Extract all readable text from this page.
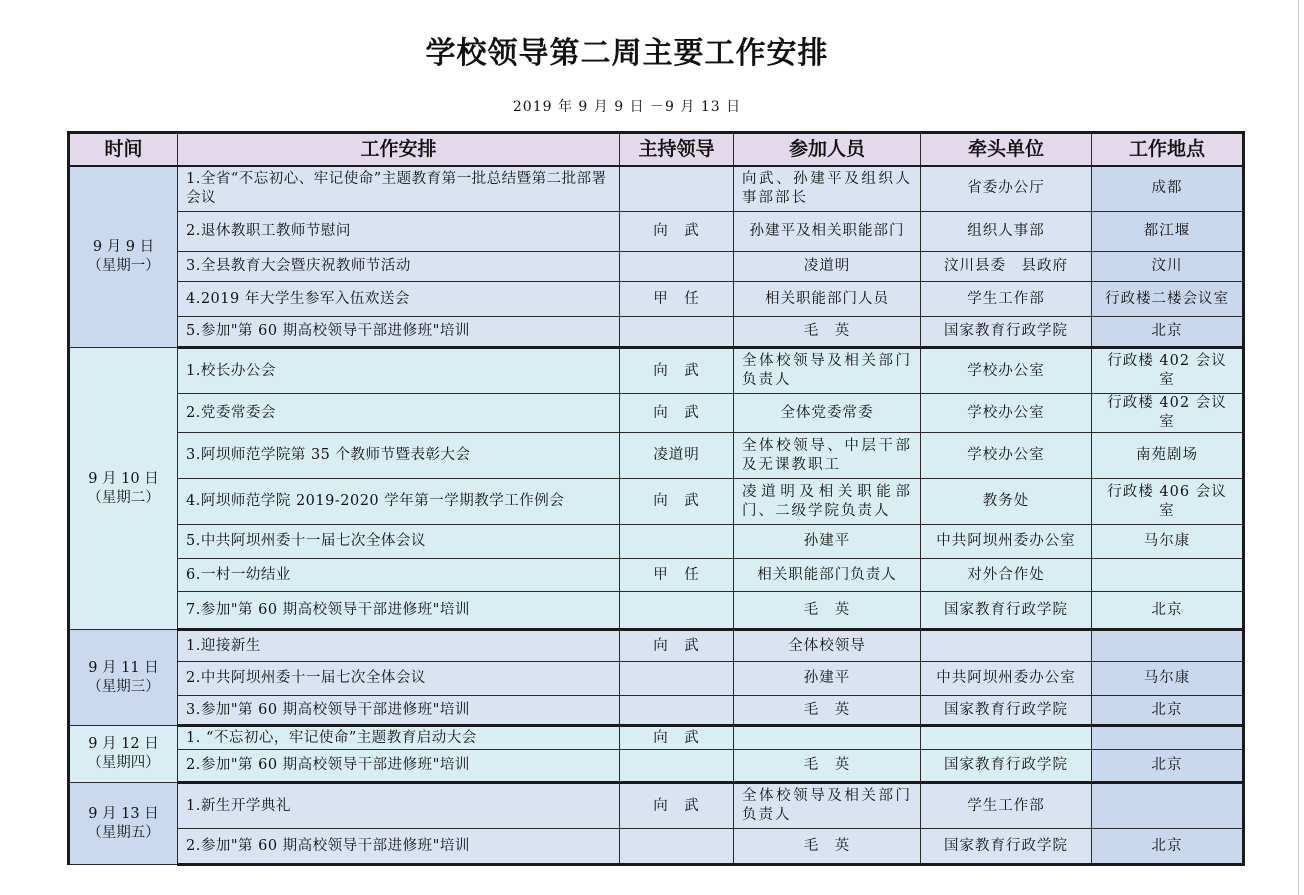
学校领导第二周主要工作安排
2019 年 9 月 9 日 －9 月 13 日
时间	工作安排	主持领导	参加人员	牵头单位	工作地点

9 月 9 日
（星期一）	1.全省“不忘初心、牢记使命”主题教育第一批总结暨第二批部署会议		向武、孙建平及组织人事部部长	省委办公厅	成都
	2.退休教职工教师节慰问	向　武	孙建平及相关职能部门	组织人事部	都江堰
	3.全县教育大会暨庆祝教师节活动		凌道明	汶川县委　县政府	汶川
	4.2019 年大学生参军入伍欢送会	甲　任	相关职能部门人员	学生工作部	行政楼二楼会议室
	5.参加"第 60 期高校领导干部进修班"培训		毛　英	国家教育行政学院	北京

9 月 10 日
（星期二）	1.校长办公会	向　武	全体校领导及相关部门负责人	学校办公室	行政楼 402 会议室
	2.党委常委会	向　武	全体党委常委	学校办公室	行政楼 402 会议室
	3.阿坝师范学院第 35 个教师节暨表彰大会	凌道明	全体校领导、中层干部及无课教职工	学校办公室	南苑剧场
	4.阿坝师范学院 2019-2020 学年第一学期教学工作例会	向　武	凌道明及相关职能部门、二级学院负责人	教务处	行政楼 406 会议室
	5.中共阿坝州委十一届七次全体会议		孙建平	中共阿坝州委办公室	马尔康
	6.一村一幼结业	甲　任	相关职能部门负责人	对外合作处	
	7.参加"第 60 期高校领导干部进修班"培训		毛　英	国家教育行政学院	北京

9 月 11 日
（星期三）	1.迎接新生	向　武	全体校领导		
	2.中共阿坝州委十一届七次全体会议		孙建平	中共阿坝州委办公室	马尔康
	3.参加"第 60 期高校领导干部进修班"培训		毛　英	国家教育行政学院	北京

9 月 12 日
（星期四）	1. “不忘初心，牢记使命”主题教育启动大会	向　武			
	2.参加"第 60 期高校领导干部进修班"培训		毛　英	国家教育行政学院	北京

9 月 13 日
（星期五）	1.新生开学典礼	向　武	全体校领导及相关部门负责人	学生工作部	
	2.参加"第 60 期高校领导干部进修班"培训		毛　英	国家教育行政学院	北京
